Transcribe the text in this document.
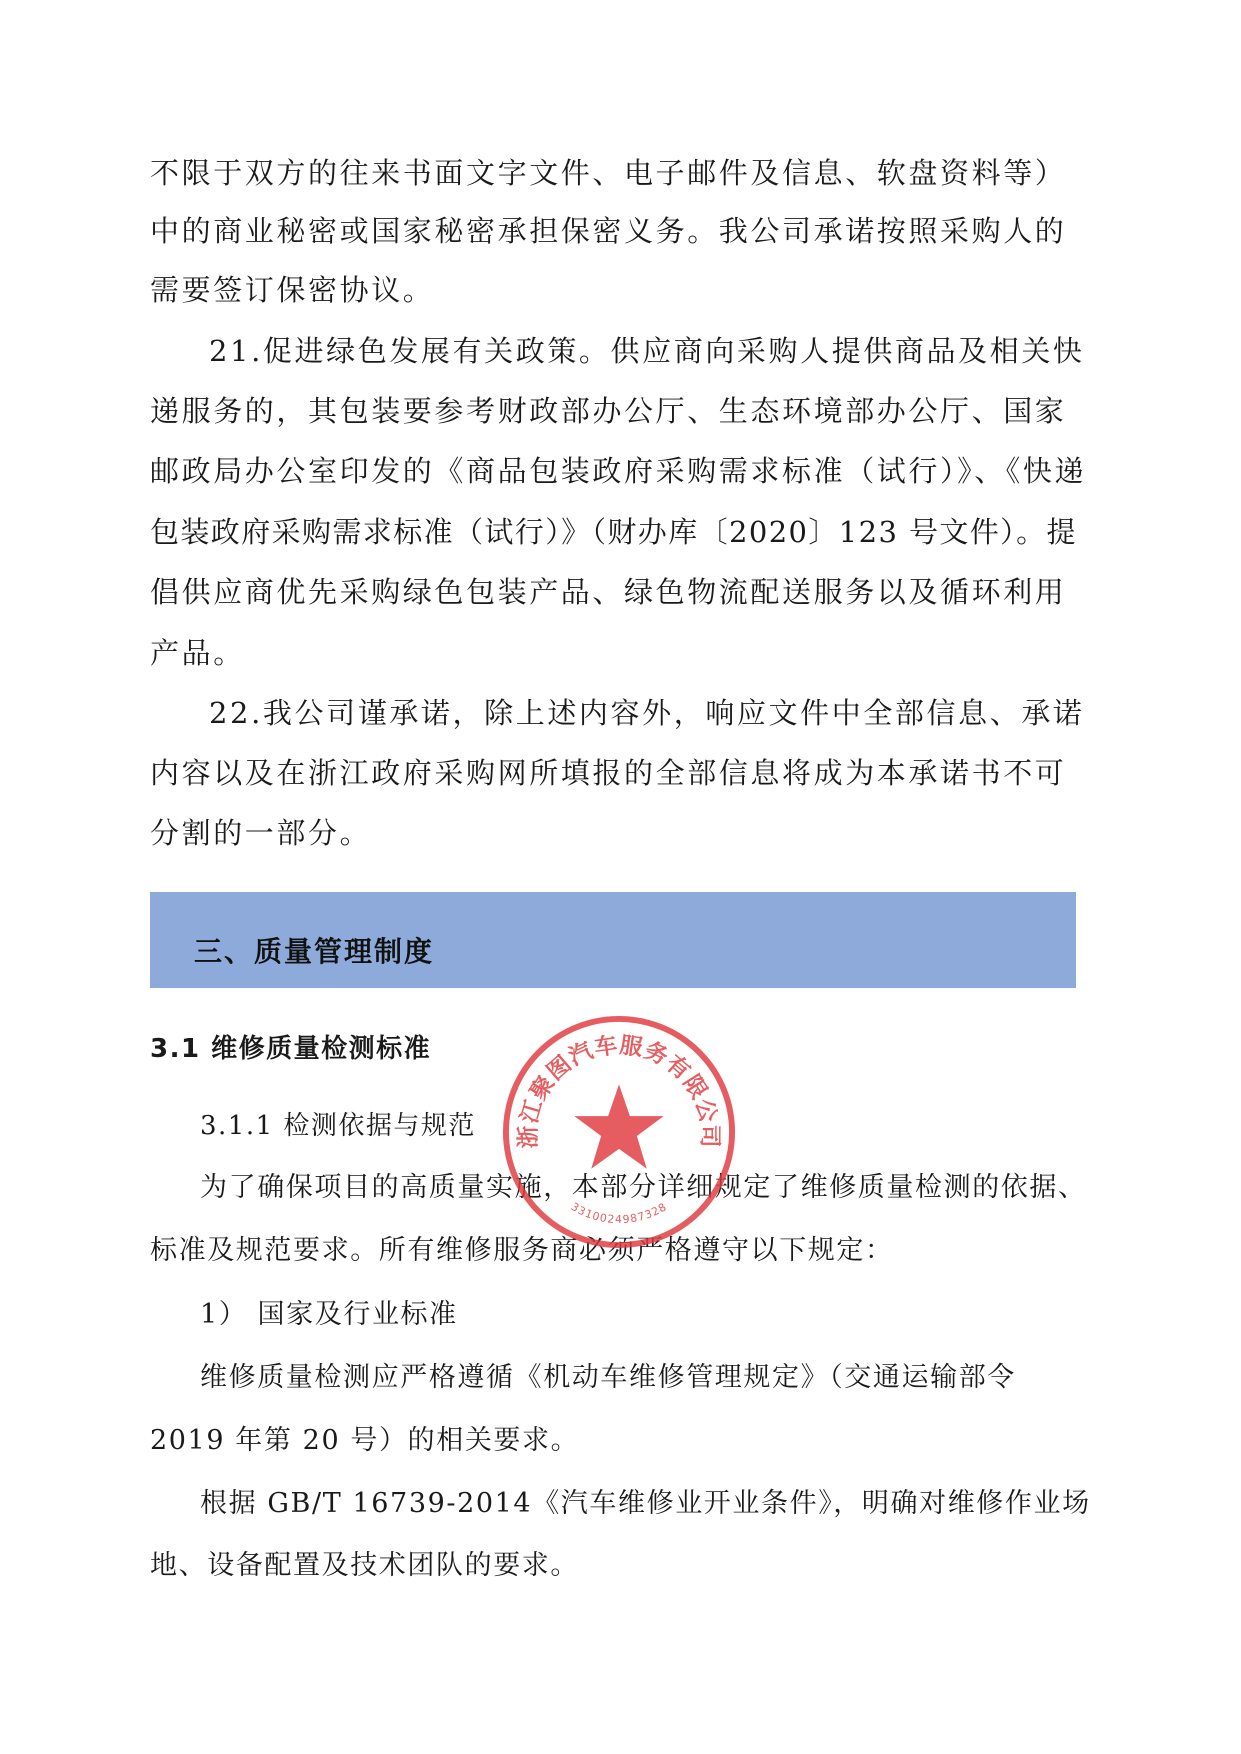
不限于双方的往来书面文字文件、电子邮件及信息、软盘资料等）

中的商业秘密或国家秘密承担保密义务。我公司承诺按照采购人的

需要签订保密协议。

21.促进绿色发展有关政策。供应商向采购人提供商品及相关快

递服务的，其包装要参考财政部办公厅、生态环境部办公厅、国家

邮政局办公室印发的《商品包装政府采购需求标准（试行）》、《快递

包装政府采购需求标准（试行）》（财办库〔2020〕123 号文件）。提

倡供应商优先采购绿色包装产品、绿色物流配送服务以及循环利用

产品。

22.我公司谨承诺，除上述内容外，响应文件中全部信息、承诺

内容以及在浙江政府采购网所填报的全部信息将成为本承诺书不可

分割的一部分。

三、质量管理制度
3.1 维修质量检测标准

3.1.1 检测依据与规范

为了确保项目的高质量实施，本部分详细规定了维修质量检测的依据、

标准及规范要求。所有维修服务商必须严格遵守以下规定：

1） 国家及行业标准

维修质量检测应严格遵循《机动车维修管理规定》（交通运输部令

2019 年第 20 号）的相关要求。

根据 GB/T 16739-2014《汽车维修业开业条件》，明确对维修作业场

地、设备配置及技术团队的要求。

浙江聚图汽车服务有限公司
3310024987328
